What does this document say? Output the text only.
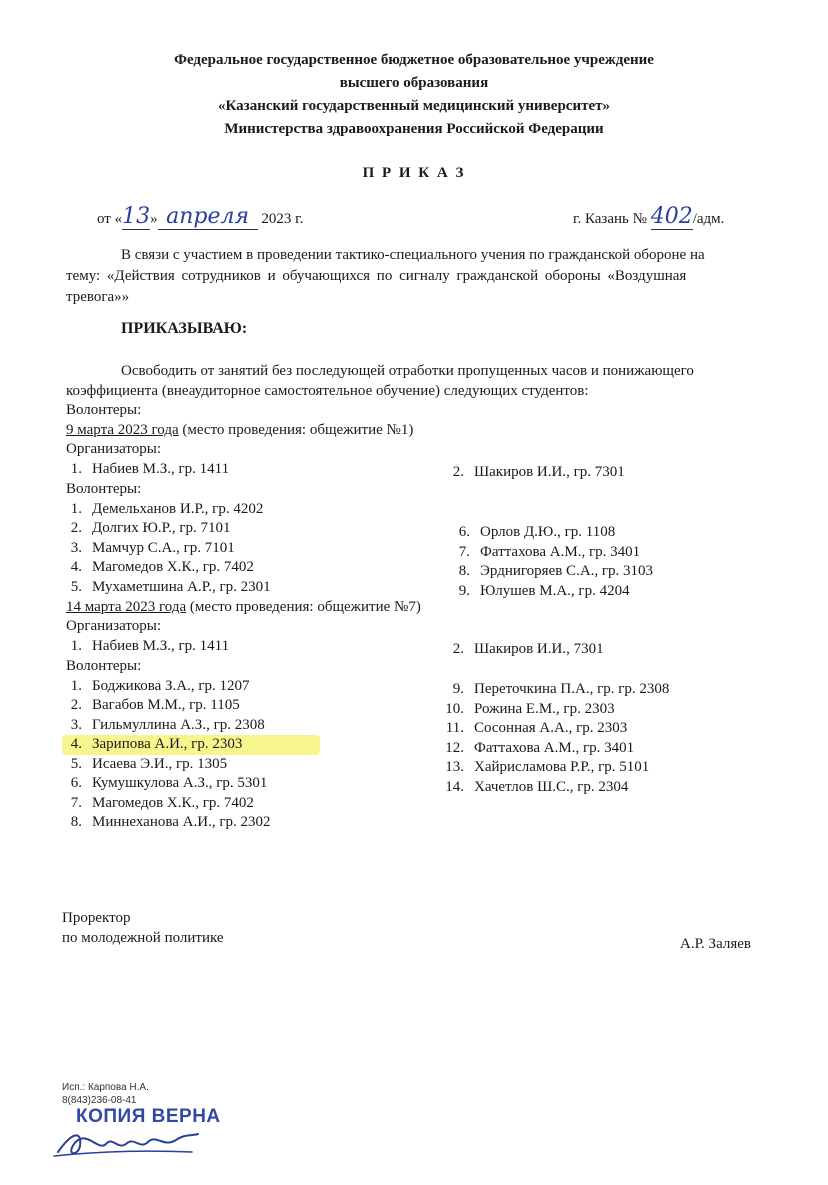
Федеральное государственное бюджетное образовательное учреждение
высшего образования
«Казанский государственный медицинский университет»
Министерства здравоохранения Российской Федерации
П Р И К А З
от «13» апреля 2023 г.	г. Казань № 402/адм.
В связи с участием в проведении тактико-специального учения по гражданской обороне на
тему: «Действия сотрудников и обучающихся по сигналу гражданской обороны «Воздушная
тревога»»
ПРИКАЗЫВАЮ:
Освободить от занятий без последующей отработки пропущенных часов и понижающего
коэффициента (внеаудиторное самостоятельное обучение) следующих студентов:
Волонтеры:
9 марта 2023 года (место проведения: общежитие №1)
Организаторы:
1. Набиев М.З., гр. 1411	2. Шакиров И.И., гр. 7301
Волонтеры:
1. Демельханов И.Р., гр. 4202
2. Долгих Ю.Р., гр. 7101
3. Мамчур С.А., гр. 7101
4. Магомедов Х.К., гр. 7402
5. Мухаметшина А.Р., гр. 2301
6. Орлов Д.Ю., гр. 1108
7. Фаттахова А.М., гр. 3401
8. Эрднигоряев С.А., гр. 3103
9. Юлушев М.А., гр. 4204
14 марта 2023 года (место проведения: общежитие №7)
Организаторы:
1. Набиев М.З., гр. 1411	2. Шакиров И.И., 7301
Волонтеры:
1. Боджикова З.А., гр. 1207
2. Вагабов М.М., гр. 1105
3. Гильмуллина А.З., гр. 2308
4. Зарипова А.И., гр. 2303
5. Исаева Э.И., гр. 1305
6. Кумушкулова А.З., гр. 5301
7. Магомедов Х.К., гр. 7402
8. Миннеханова А.И., гр. 2302
9. Переточкина П.А., гр. гр. 2308
10. Рожина Е.М., гр. 2303
11. Сосонная А.А., гр. 2303
12. Фаттахова А.М., гр. 3401
13. Хайрисламова Р.Р., гр. 5101
14. Хачетлов Ш.С., гр. 2304
Проректор
по молодежной политике	А.Р. Заляев
Исп.: Карпова Н.А.
8(843)236-08-41
КОПИЯ ВЕРНА
